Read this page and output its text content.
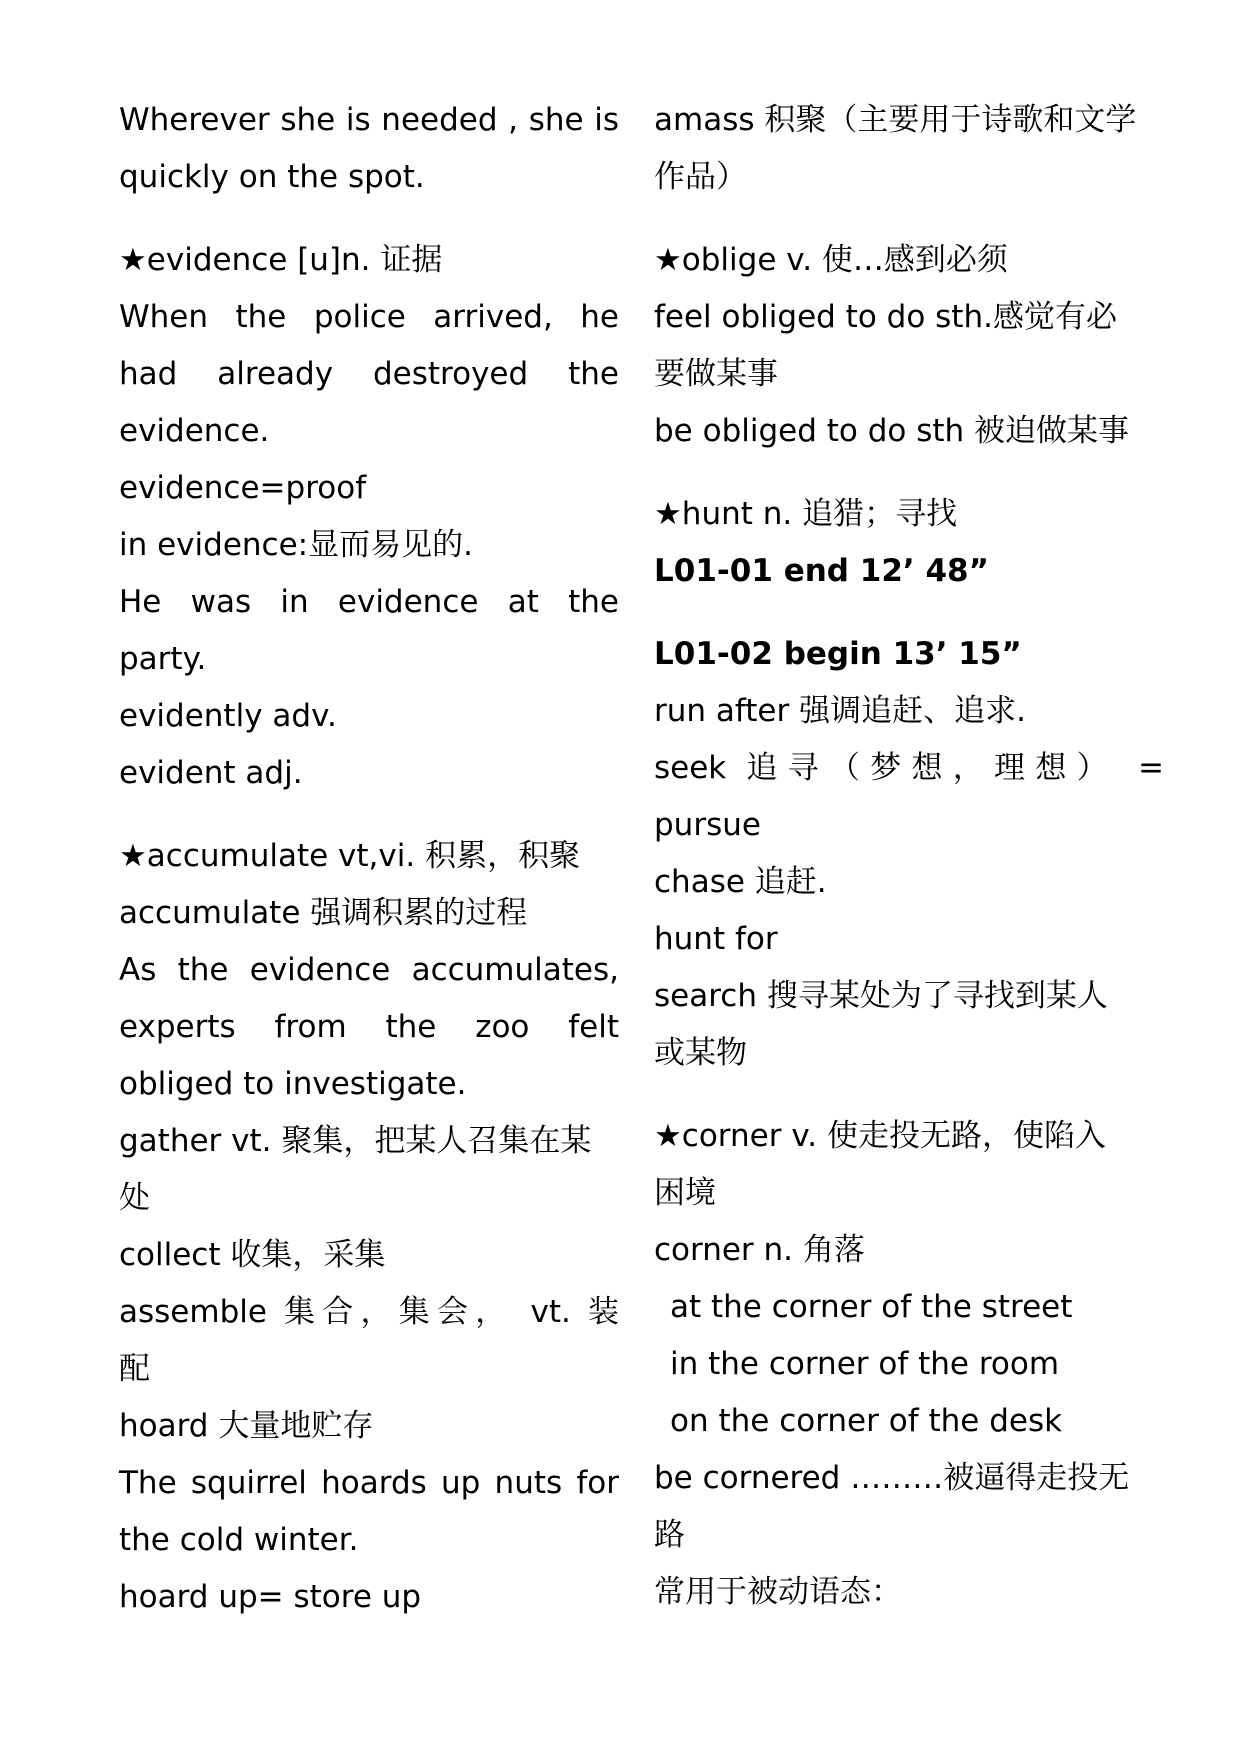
Wherever she is needed , she is
quickly on the spot.
★evidence [u]n. 证据
When the police arrived, he
had already destroyed the
evidence.
evidence=proof
in evidence:显而易见的.
He was in evidence at the
party.
evidently adv.
evident adj.
★accumulate vt,vi. 积累，积聚
accumulate 强调积累的过程
As the evidence accumulates,
experts from the zoo felt
obliged to investigate.
gather vt. 聚集，把某人召集在某
处
collect 收集，采集
assemble 集合，集会， vt. 装
配
hoard 大量地贮存
The squirrel hoards up nuts for
the cold winter.
hoard up= store up
amass 积聚（主要用于诗歌和文学
作品）
★oblige v. 使…感到必须
feel obliged to do sth.感觉有必
要做某事
be obliged to do sth 被迫做某事
★hunt n. 追猎；寻找
L01-01 end 12’ 48”
L01-02 begin 13’ 15”
run after 强调追赶、追求.
seek 追寻（梦想，理想） =
pursue
chase 追赶.
hunt for
search 搜寻某处为了寻找到某人
或某物
★corner v. 使走投无路，使陷入
困境
corner n. 角落
at the corner of the street
in the corner of the room
on the corner of the desk
be cornered ………被逼得走投无
路
常用于被动语态：
